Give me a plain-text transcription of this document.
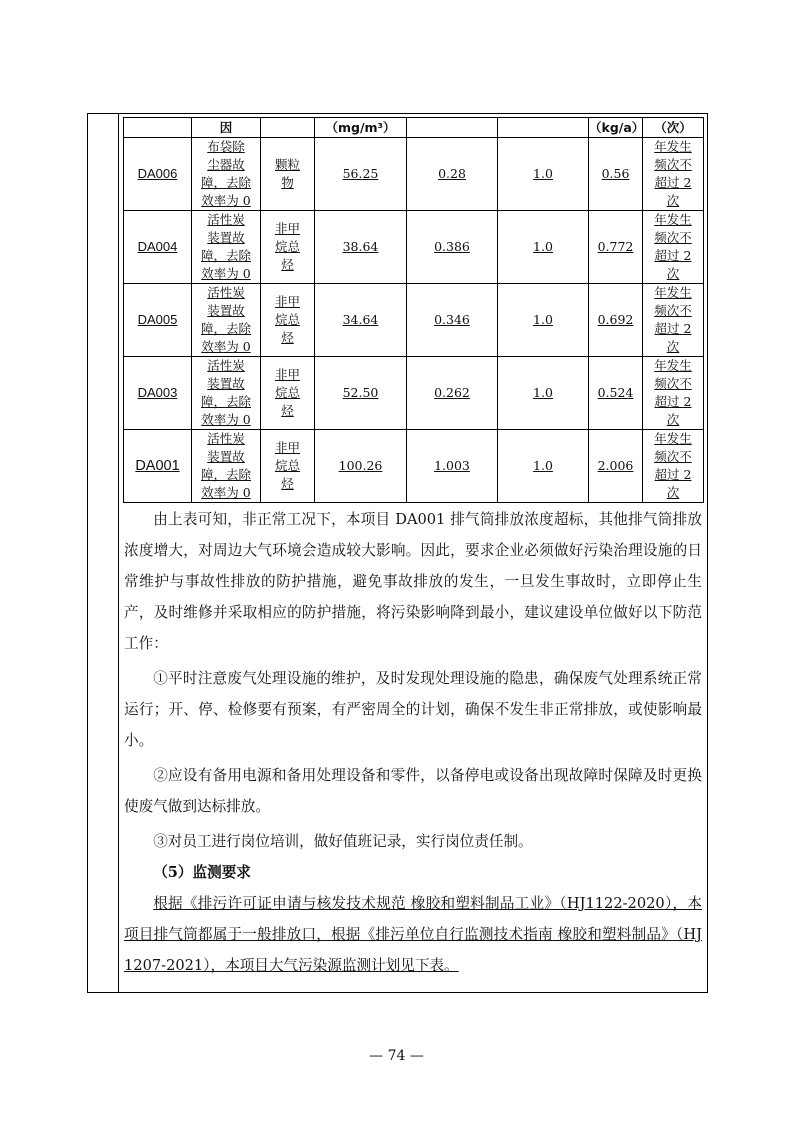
	因		（mg/m³）			（kg/a）	（次）
DA006	布袋除
尘器故
障，去除
效率为 0	颗粒
物	56.25	0.28	1.0	0.56	年发生
频次不
超过 2
次
DA004	活性炭
装置故
障，去除
效率为 0	非甲
烷总
烃	38.64	0.386	1.0	0.772	年发生
频次不
超过 2
次
DA005	活性炭
装置故
障，去除
效率为 0	非甲
烷总
烃	34.64	0.346	1.0	0.692	年发生
频次不
超过 2
次
DA003	活性炭
装置故
障，去除
效率为 0	非甲
烷总
烃	52.50	0.262	1.0	0.524	年发生
频次不
超过 2
次
DA001	活性炭
装置故
障，去除
效率为 0	非甲
烷总
烃	100.26	1.003	1.0	2.006	年发生
频次不
超过 2
次

由上表可知，非正常工况下，本项目 DA001 排气筒排放浓度超标，其他排气筒排放浓度增大，对周边大气环境会造成较大影响。因此，要求企业必须做好污染治理设施的日常维护与事故性排放的防护措施，避免事故排放的发生，一旦发生事故时，立即停止生产，及时维修并采取相应的防护措施，将污染影响降到最小，建议建设单位做好以下防范工作：

①平时注意废气处理设施的维护，及时发现处理设施的隐患，确保废气处理系统正常运行；开、停、检修要有预案，有严密周全的计划，确保不发生非正常排放，或使影响最小。

②应设有备用电源和备用处理设备和零件，以备停电或设备出现故障时保障及时更换使废气做到达标排放。

③对员工进行岗位培训，做好值班记录，实行岗位责任制。

（5）监测要求

根据《排污许可证申请与核发技术规范 橡胶和塑料制品工业》（HJ1122-2020），本项目排气筒都属于一般排放口，根据《排污单位自行监测技术指南 橡胶和塑料制品》（HJ 1207-2021），本项目大气污染源监测计划见下表。

— 74 —
